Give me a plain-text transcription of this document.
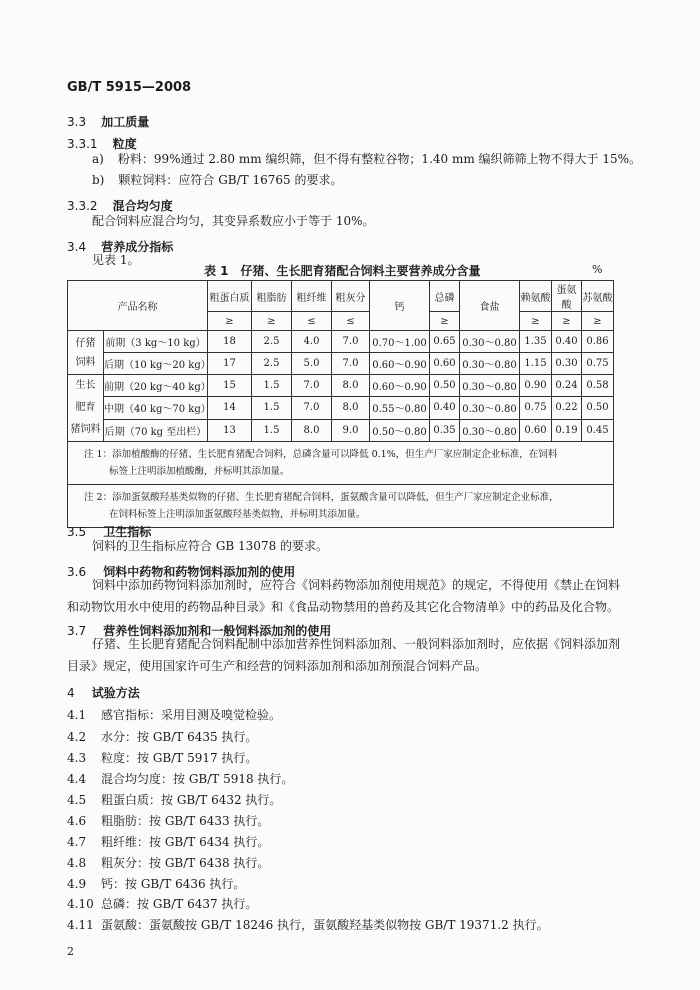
GB/T 5915—2008
3.3 加工质量
3.3.1 粒度
a) 粉料：99%通过 2.80 mm 编织筛，但不得有整粒谷物；1.40 mm 编织筛筛上物不得大于 15%。
b) 颗粒饲料：应符合 GB/T 16765 的要求。
3.3.2 混合均匀度
配合饲料应混合均匀，其变异系数应小于等于 10%。
3.4 营养成分指标
见表 1。
表 1　仔猪、生长肥育猪配合饲料主要营养成分含量	%
产品名称		粗蛋白质	粗脂肪	粗纤维	粗灰分	钙	总磷	食盐	赖氨酸	蛋氨酸	苏氨酸
		≥	≥	≤	≤		≥		≥	≥	≥
仔猪
饲料	前期（3 kg～10 kg）	18	2.5	4.0	7.0	0.70～1.00	0.65	0.30～0.80	1.35	0.40	0.86
	后期（10 kg～20 kg）	17	2.5	5.0	7.0	0.60～0.90	0.60	0.30～0.80	1.15	0.30	0.75
生长
肥育
猪饲料	前期（20 kg～40 kg）	15	1.5	7.0	8.0	0.60～0.90	0.50	0.30～0.80	0.90	0.24	0.58
	中期（40 kg～70 kg）	14	1.5	7.0	8.0	0.55～0.80	0.40	0.30～0.80	0.75	0.22	0.50
	后期（70 kg 至出栏）	13	1.5	8.0	9.0	0.50～0.80	0.35	0.30～0.80	0.60	0.19	0.45

注 1：添加植酸酶的仔猪、生长肥育猪配合饲料，总磷含量可以降低 0.1%，但生产厂家应制定企业标准，在饲料
标签上注明添加植酸酶，并标明其添加量。											

注 2：添加蛋氨酸羟基类似物的仔猪、生长肥育猪配合饲料，蛋氨酸含量可以降低，但生产厂家应制定企业标准，
在饲料标签上注明添加蛋氨酸羟基类似物，并标明其添加量。											
3.5 卫生指标
饲料的卫生指标应符合 GB 13078 的要求。
3.6 饲料中药物和药物饲料添加剂的使用
饲料中添加药物饲料添加剂时，应符合《饲料药物添加剂使用规范》的规定，不得使用《禁止在饲料
和动物饮用水中使用的药物品种目录》和《食品动物禁用的兽药及其它化合物清单》中的药品及化合物。
3.7 营养性饲料添加剂和一般饲料添加剂的使用
仔猪、生长肥育猪配合饲料配制中添加营养性饲料添加剂、一般饲料添加剂时，应依据《饲料添加剂
目录》规定，使用国家许可生产和经营的饲料添加剂和添加剂预混合饲料产品。
4 试验方法
4.1 感官指标：采用目测及嗅觉检验。
4.2 水分：按 GB/T 6435 执行。
4.3 粒度：按 GB/T 5917 执行。
4.4 混合均匀度：按 GB/T 5918 执行。
4.5 粗蛋白质：按 GB/T 6432 执行。
4.6 粗脂肪：按 GB/T 6433 执行。
4.7 粗纤维：按 GB/T 6434 执行。
4.8 粗灰分：按 GB/T 6438 执行。
4.9 钙：按 GB/T 6436 执行。
4.10 总磷：按 GB/T 6437 执行。
4.11 蛋氨酸：蛋氨酸按 GB/T 18246 执行，蛋氨酸羟基类似物按 GB/T 19371.2 执行。
2
